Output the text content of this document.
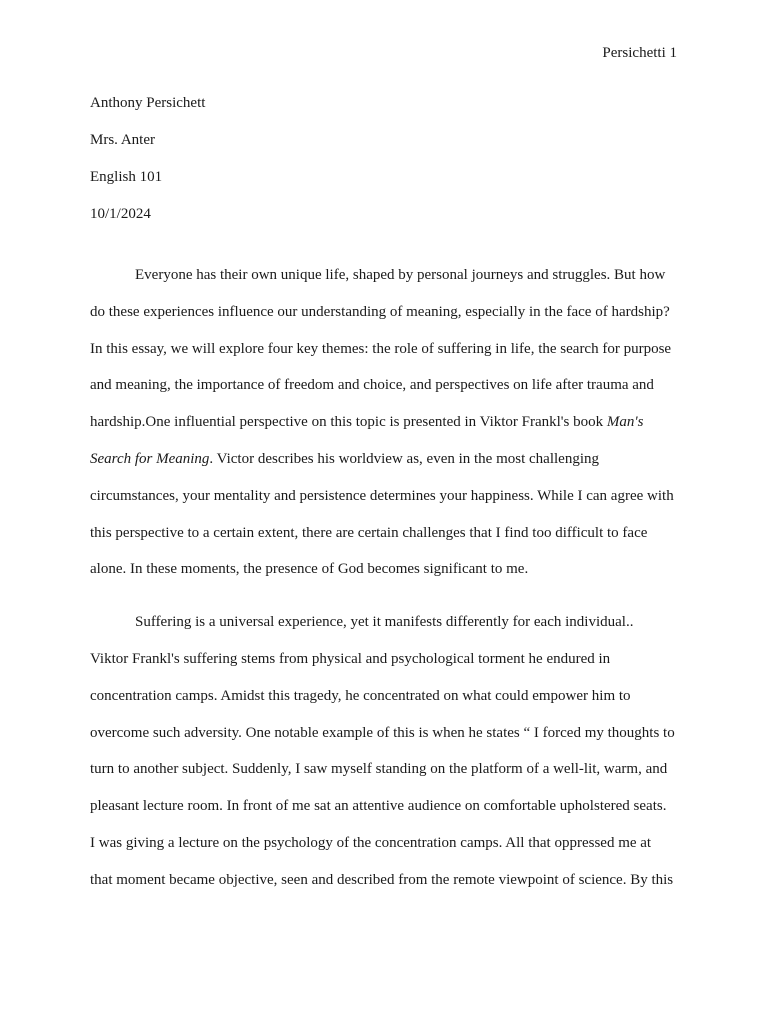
Persichetti 1
Anthony Persichett
Mrs. Anter
English 101
10/1/2024

Everyone has their own unique life, shaped by personal journeys and struggles. But how
do these experiences influence our understanding of meaning, especially in the face of hardship?
In this essay, we will explore four key themes: the role of suffering in life, the search for purpose
and meaning, the importance of freedom and choice, and perspectives on life after trauma and
hardship.One influential perspective on this topic is presented in Viktor Frankl's book Man's
Search for Meaning. Victor describes his worldview as, even in the most challenging
circumstances, your mentality and persistence determines your happiness. While I can agree with
this perspective to a certain extent, there are certain challenges that I find too difficult to face
alone. In these moments, the presence of God becomes significant to me.

Suffering is a universal experience, yet it manifests differently for each individual..
Viktor Frankl's suffering stems from physical and psychological torment he endured in
concentration camps. Amidst this tragedy, he concentrated on what could empower him to
overcome such adversity. One notable example of this is when he states “ I forced my thoughts to
turn to another subject. Suddenly, I saw myself standing on the platform of a well-lit, warm, and
pleasant lecture room. In front of me sat an attentive audience on comfortable upholstered seats.
I was giving a lecture on the psychology of the concentration camps. All that oppressed me at
that moment became objective, seen and described from the remote viewpoint of science. By this
